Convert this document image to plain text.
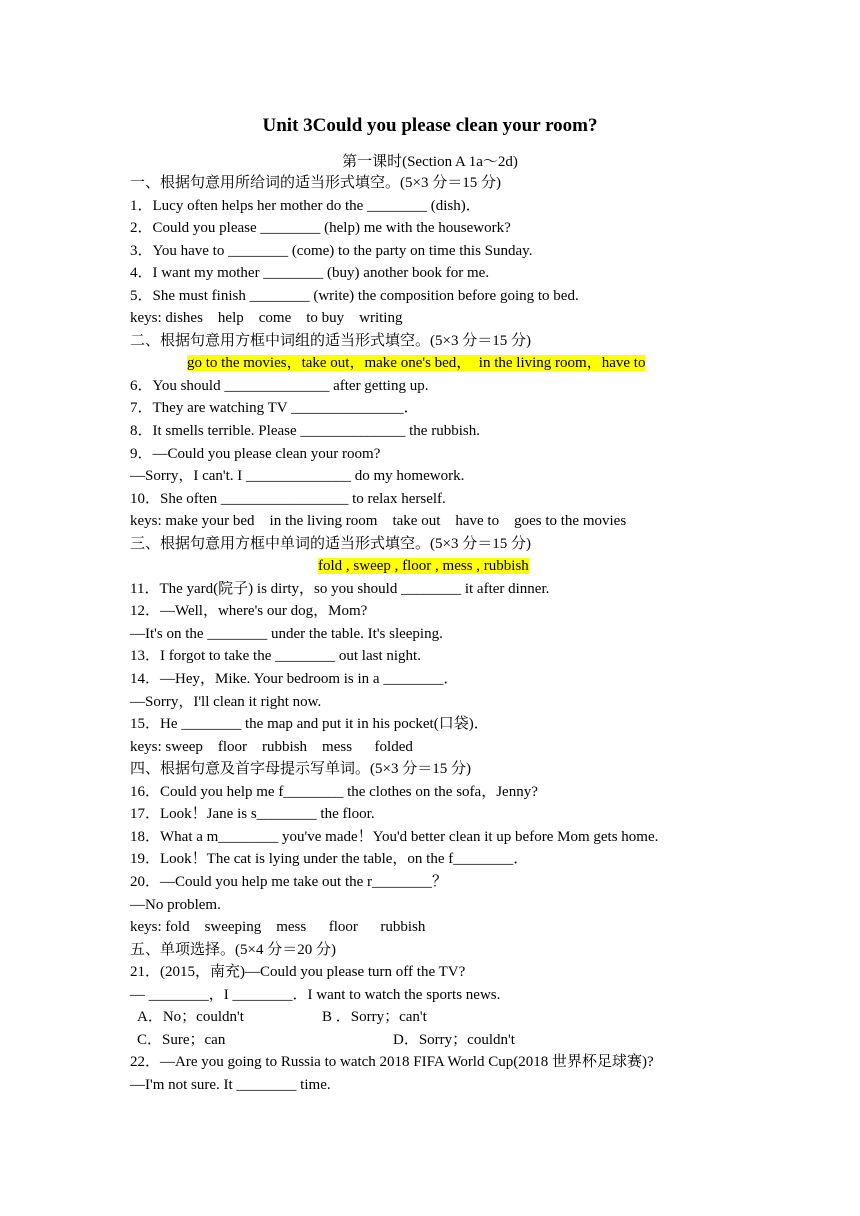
Unit 3Could you please clean your room?
第一课时(Section A 1a～2d)
一、根据句意用所给词的适当形式填空。(5×3 分＝15 分)
1．Lucy often helps her mother do the ________ (dish)．
2．Could you please ________ (help) me with the housework?
3．You have to ________ (come) to the party on time this Sunday.
4．I want my mother ________ (buy) another book for me.
5．She must finish ________ (write) the composition before going to bed.
keys: dishes    help    come    to buy    writing
二、根据句意用方框中词组的适当形式填空。(5×3 分＝15 分)
go to the movies，take out，make one's bed，  in the living room，have to
6．You should ______________ after getting up.
7．They are watching TV _______________．
8．It smells terrible. Please ______________ the rubbish.
9．—Could you please clean your room?
—Sorry，I can't. I ______________ do my homework.
10．She often _________________ to relax herself.
keys: make your bed    in the living room    take out    have to    goes to the movies
三、根据句意用方框中单词的适当形式填空。(5×3 分＝15 分)
fold , sweep , floor , mess , rubbish
11．The yard(院子) is dirty，so you should ________ it after dinner.
12．—Well，where's our dog，Mom?
—It's on the ________ under the table. It's sleeping.
13．I forgot to take the ________ out last night.
14．—Hey，Mike. Your bedroom is in a ________．
—Sorry，I'll clean it right now.
15．He ________ the map and put it in his pocket(口袋)．
keys: sweep    floor    rubbish    mess      folded
四、根据句意及首字母提示写单词。(5×3 分＝15 分)
16．Could you help me f________ the clothes on the sofa，Jenny?
17．Look！Jane is s________ the floor.
18．What a m________ you've made！You'd better clean it up before Mom gets home.
19．Look！The cat is lying under the table，on the f________．
20．—Could you help me take out the r________？
—No problem.
keys: fold    sweeping    mess      floor      rubbish
五、单项选择。(5×4 分＝20 分)
21．(2015，南充)—Could you please turn off the TV?
— ________，I ________．I want to watch the sports news.
A．No；couldn't	B ．Sorry；can't
C．Sure；can	D．Sorry；couldn't
22．—Are you going to Russia to watch 2018 FIFA World Cup(2018 世界杯足球赛)?
—I'm not sure. It ________ time.
